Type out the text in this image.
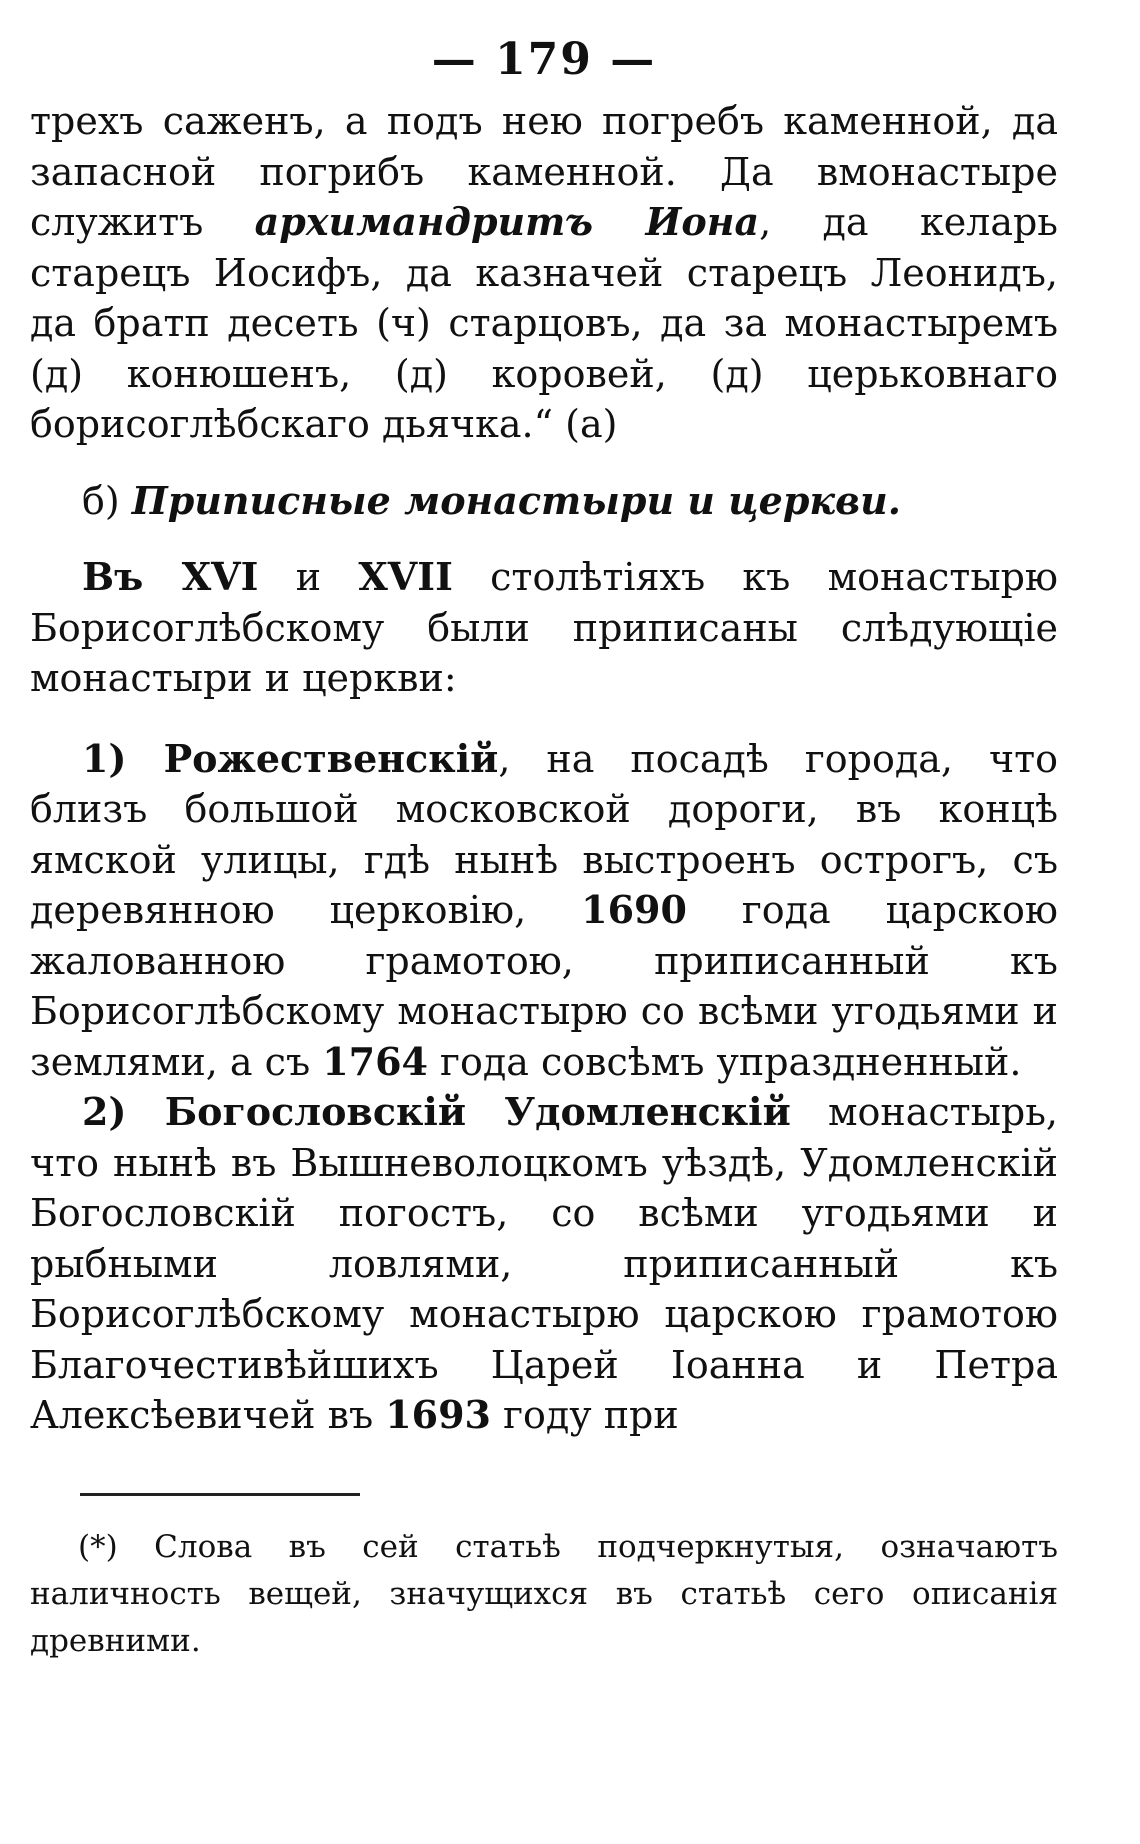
— 179 —

трехъ саженъ, а подъ нею погребъ каменной, да запасной погрибъ каменной. Да вмонастыре служитъ архимандритъ Иона, да келарь старецъ Иосифъ, да казначей старецъ Леонидъ, да братп десеть (ч) старцовъ, да за монастыремъ (д) конюшенъ, (д) коровей, (д) церьковнаго борисоглѣбскаго дьячка.“ (а)

б) Приписные монастыри и церкви.

Въ XVI и XVII столѣтіяхъ къ монастырю Борисоглѣбскому были приписаны слѣдующіе монастыри и церкви:

1) Рожественскій, на посадѣ города, что близъ большой московской дороги, въ концѣ ямской улицы, гдѣ нынѣ выстроенъ острогъ, съ деревянною церковію, 1690 года царскою жалованною грамотою, приписанный къ Борисоглѣбскому монастырю со всѣми угодьями и землями, а съ 1764 года совсѣмъ упраздненный.

2) Богословскій Удомленскій монастырь, что нынѣ въ Вышневолоцкомъ уѣздѣ, Удомленскій Богословскій погостъ, со всѣми угодьями и рыбными ловлями, приписанный къ Борисоглѣбскому монастырю царскою грамотою Благочестивѣйшихъ Царей Іоанна и Петра Алексѣевичей въ 1693 году при

(*) Слова въ сей статьѣ подчеркнутыя, означаютъ наличность вещей, значущихся въ статьѣ сего описанія древними.
